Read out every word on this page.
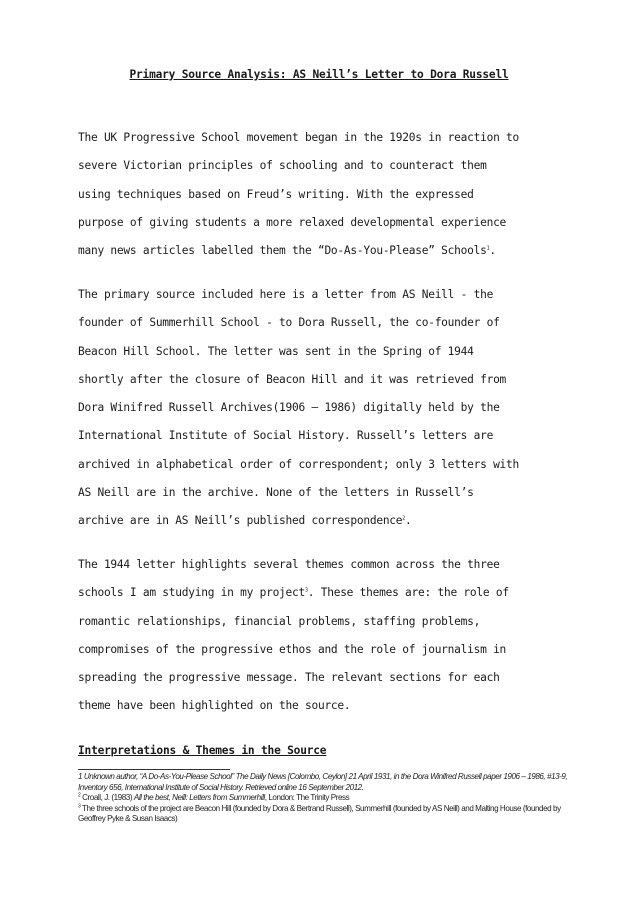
Primary Source Analysis: AS Neill’s Letter to Dora Russell
The UK Progressive School movement began in the 1920s in reaction to
severe Victorian principles of schooling and to counteract them
using techniques based on Freud’s writing. With the expressed
purpose of giving students a more relaxed developmental experience
many news articles labelled them the “Do-As-You-Please” Schools$^1$.
The primary source included here is a letter from AS Neill - the
founder of Summerhill School - to Dora Russell, the co-founder of
Beacon Hill School. The letter was sent in the Spring of 1944
shortly after the closure of Beacon Hill and it was retrieved from
Dora Winifred Russell Archives(1906 – 1986) digitally held by the
International Institute of Social History. Russell’s letters are
archived in alphabetical order of correspondent; only 3 letters with
AS Neill are in the archive. None of the letters in Russell’s
archive are in AS Neill’s published correspondence$^2$.
The 1944 letter highlights several themes common across the three
schools I am studying in my project$^3$. These themes are: the role of
romantic relationships, financial problems, staffing problems,
compromises of the progressive ethos and the role of journalism in
spreading the progressive message. The relevant sections for each
theme have been highlighted on the source.
Interpretations & Themes in the Source
1 Unknown author, “A Do-As-You-Please School” The Daily News [Colombo, Ceylon] 21 April 1931, in the Dora Winifred Russell paper 1906 – 1986, #13-9, Inventory 656, International Institute of Social History. Retrieved online 16 September 2012.
$^2$ Croall, J. (1983) All the best, Neill: Letters from Summerhill, London: The Trinity Press
$^3$ The three schools of the project are Beacon Hill (founded by Dora & Bertrand Russell), Summerhill (founded by AS Neill) and Malting House (founded by Geoffrey Pyke & Susan Isaacs)
